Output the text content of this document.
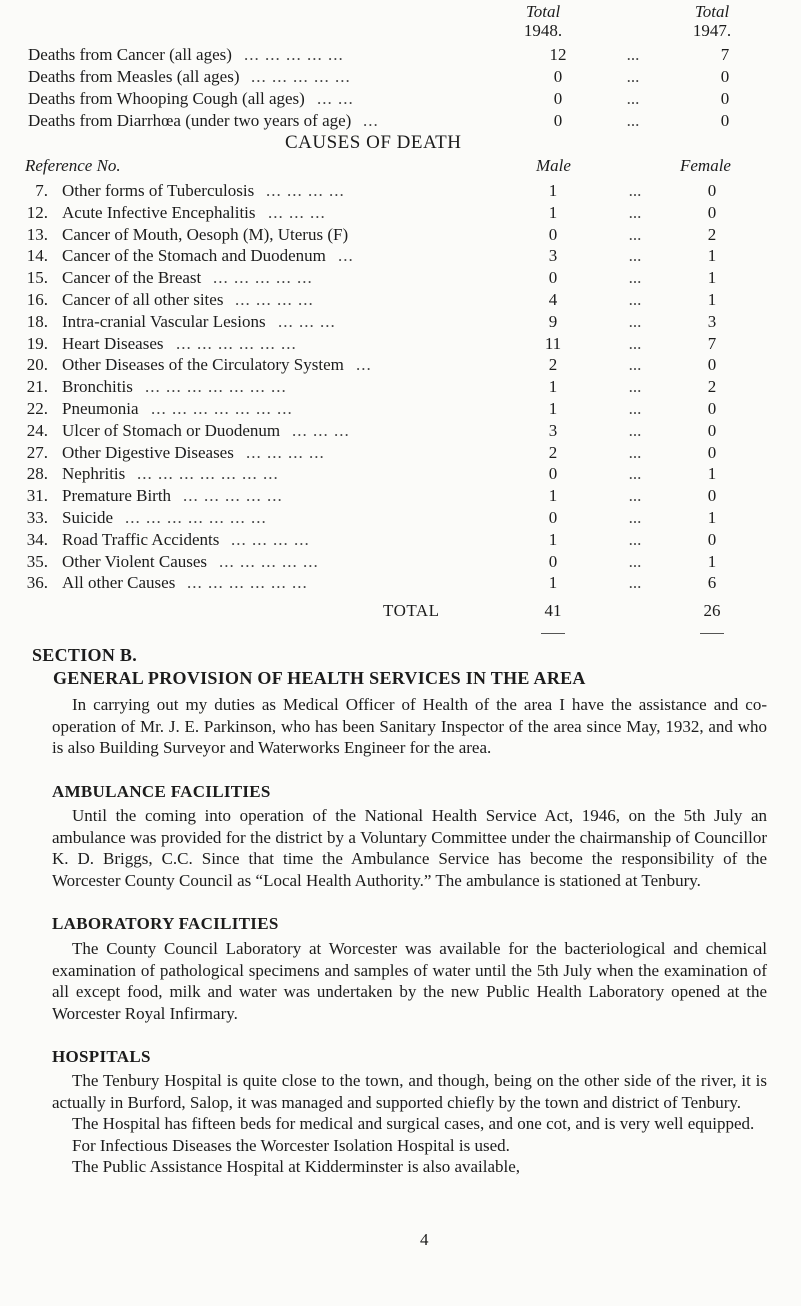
Total
1948.
Total
1947.
Deaths from Cancer (all ages) ... ... ... ... ...	12	...	7
Deaths from Measles (all ages) ... ... ... ... ...	0	...	0
Deaths from Whooping Cough (all ages) ... ...	0	...	0
Deaths from Diarrhœa (under two years of age) ...	0	...	0
CAUSES OF DEATH
Reference No.	Male	Female
7. Other forms of Tuberculosis ... ... ... ...	1	...	0
12. Acute Infective Encephalitis ... ... ...	1	...	0
13. Cancer of Mouth, Oesoph (M), Uterus (F)	0	...	2
14. Cancer of the Stomach and Duodenum ...	3	...	1
15. Cancer of the Breast ... ... ... ... ...	0	...	1
16. Cancer of all other sites ... ... ... ...	4	...	1
18. Intra-cranial Vascular Lesions ... ... ...	9	...	3
19. Heart Diseases ... ... ... ... ... ...	11	...	7
20. Other Diseases of the Circulatory System ...	2	...	0
21. Bronchitis ... ... ... ... ... ... ...	1	...	2
22. Pneumonia ... ... ... ... ... ... ...	1	...	0
24. Ulcer of Stomach or Duodenum ... ... ...	3	...	0
27. Other Digestive Diseases ... ... ... ...	2	...	0
28. Nephritis ... ... ... ... ... ... ...	0	...	1
31. Premature Birth ... ... ... ... ...	1	...	0
33. Suicide ... ... ... ... ... ... ...	0	...	1
34. Road Traffic Accidents ... ... ... ...	1	...	0
35. Other Violent Causes ... ... ... ... ...	0	...	1
36. All other Causes ... ... ... ... ... ...	1	...	6
TOTAL	41	26
SECTION B.
GENERAL PROVISION OF HEALTH SERVICES IN THE AREA

In carrying out my duties as Medical Officer of Health of the area I have the assistance and co-operation of Mr. J. E. Parkinson, who has been Sanitary Inspector of the area since May, 1932, and who is also Building Surveyor and Waterworks Engineer for the area.

AMBULANCE FACILITIES

Until the coming into operation of the National Health Service Act, 1946, on the 5th July an ambulance was provided for the district by a Voluntary Committee under the chairmanship of Councillor K. D. Briggs, C.C. Since that time the Ambulance Service has become the responsibility of the Worcester County Council as “Local Health Authority.” The ambulance is stationed at Tenbury.

LABORATORY FACILITIES

The County Council Laboratory at Worcester was available for the bacteriological and chemical examination of pathological specimens and samples of water until the 5th July when the examination of all except food, milk and water was undertaken by the new Public Health Laboratory opened at the Worcester Royal Infirmary.

HOSPITALS

The Tenbury Hospital is quite close to the town, and though, being on the other side of the river, it is actually in Burford, Salop, it was managed and supported chiefly by the town and district of Tenbury.

The Hospital has fifteen beds for medical and surgical cases, and one cot, and is very well equipped.

For Infectious Diseases the Worcester Isolation Hospital is used.

The Public Assistance Hospital at Kidderminster is also available,

4
